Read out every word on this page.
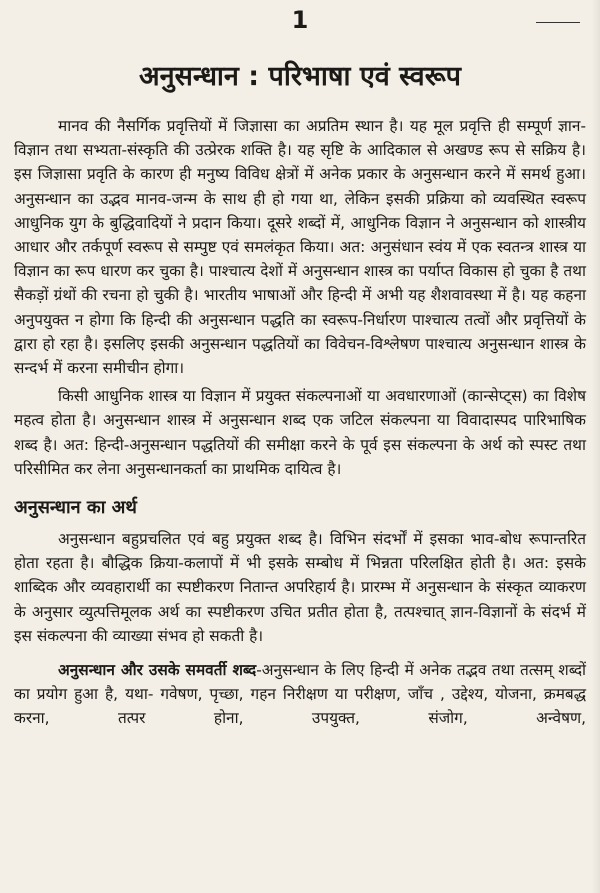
1
अनुसन्धान : परिभाषा एवं स्वरूप

मानव की नैसर्गिक प्रवृत्तियों में जिज्ञासा का अप्रतिम स्थान है। यह मूल प्रवृत्ति ही सम्पूर्ण ज्ञान-विज्ञान तथा सभ्यता-संस्कृति की उत्प्रेरक शक्ति है। यह सृष्टि के आदिकाल से अखण्ड रूप से सक्रिय है। इस जिज्ञासा प्रवृति के कारण ही मनुष्य विविध क्षेत्रों में अनेक प्रकार के अनुसन्धान करने में समर्थ हुआ। अनुसन्धान का उद्भव मानव-जन्म के साथ ही हो गया था, लेकिन इसकी प्रक्रिया को व्यवस्थित स्वरूप आधुनिक युग के बुद्धिवादियों ने प्रदान किया। दूसरे शब्दों में, आधुनिक विज्ञान ने अनुसन्धान को शास्त्रीय आधार और तर्कपूर्ण स्वरूप से सम्पुष्ट एवं समलंकृत किया। अत: अनुसंधान स्वंय में एक स्वतन्त्र शास्त्र या विज्ञान का रूप धारण कर चुका है। पाश्चात्य देशों में अनुसन्धान शास्त्र का पर्याप्त विकास हो चुका है तथा सैकड़ों ग्रंथों की रचना हो चुकी है। भारतीय भाषाओं और हिन्दी में अभी यह शैशवावस्था में है। यह कहना अनुपयुक्त न होगा कि हिन्दी की अनुसन्धान पद्धति का स्वरूप-निर्धारण पाश्चात्य तत्वों और प्रवृत्तियों के द्वारा हो रहा है। इसलिए इसकी अनुसन्धान पद्धतियों का विवेचन-विश्लेषण पाश्चात्य अनुसन्धान शास्त्र के सन्दर्भ में करना समीचीन होगा।

किसी आधुनिक शास्त्र या विज्ञान में प्रयुक्त संकल्पनाओं या अवधारणाओं (कान्सेप्ट्स) का विशेष महत्व होता है। अनुसन्धान शास्त्र में अनुसन्धान शब्द एक जटिल संकल्पना या विवादास्पद पारिभाषिक शब्द है। अत: हिन्दी-अनुसन्धान पद्धतियों की समीक्षा करने के पूर्व इस संकल्पना के अर्थ को स्पस्ट तथा परिसीमित कर लेना अनुसन्धानकर्ता का प्राथमिक दायित्व है।

अनुसन्धान का अर्थ

अनुसन्धान बहुप्रचलित एवं बहु प्रयुक्त शब्द है। विभिन संदर्भों में इसका भाव-बोध रूपान्तरित होता रहता है। बौद्धिक क्रिया-कलापों में भी इसके सम्बोध में भिन्नता परिलक्षित होती है। अत: इसके शाब्दिक और व्यवहारार्थी का स्पष्टीकरण नितान्त अपरिहार्य है। प्रारम्भ में अनुसन्धान के संस्कृत व्याकरण के अनुसार व्युत्पत्तिमूलक अर्थ का स्पष्टीकरण उचित प्रतीत होता है, तत्पश्चात् ज्ञान-विज्ञानों के संदर्भ में इस संकल्पना की व्याख्या संभव हो सकती है।

अनुसन्धान और उसके समवर्ती शब्द-अनुसन्धान के लिए हिन्दी में अनेक तद्भव तथा तत्सम् शब्दों का प्रयोग हुआ है, यथा- गवेषण, पृच्छा, गहन निरीक्षण या परीक्षण, जाँच , उद्देश्य, योजना, क्रमबद्ध करना, तत्पर होना, उपयुक्त, संजोग, अन्वेषण,
